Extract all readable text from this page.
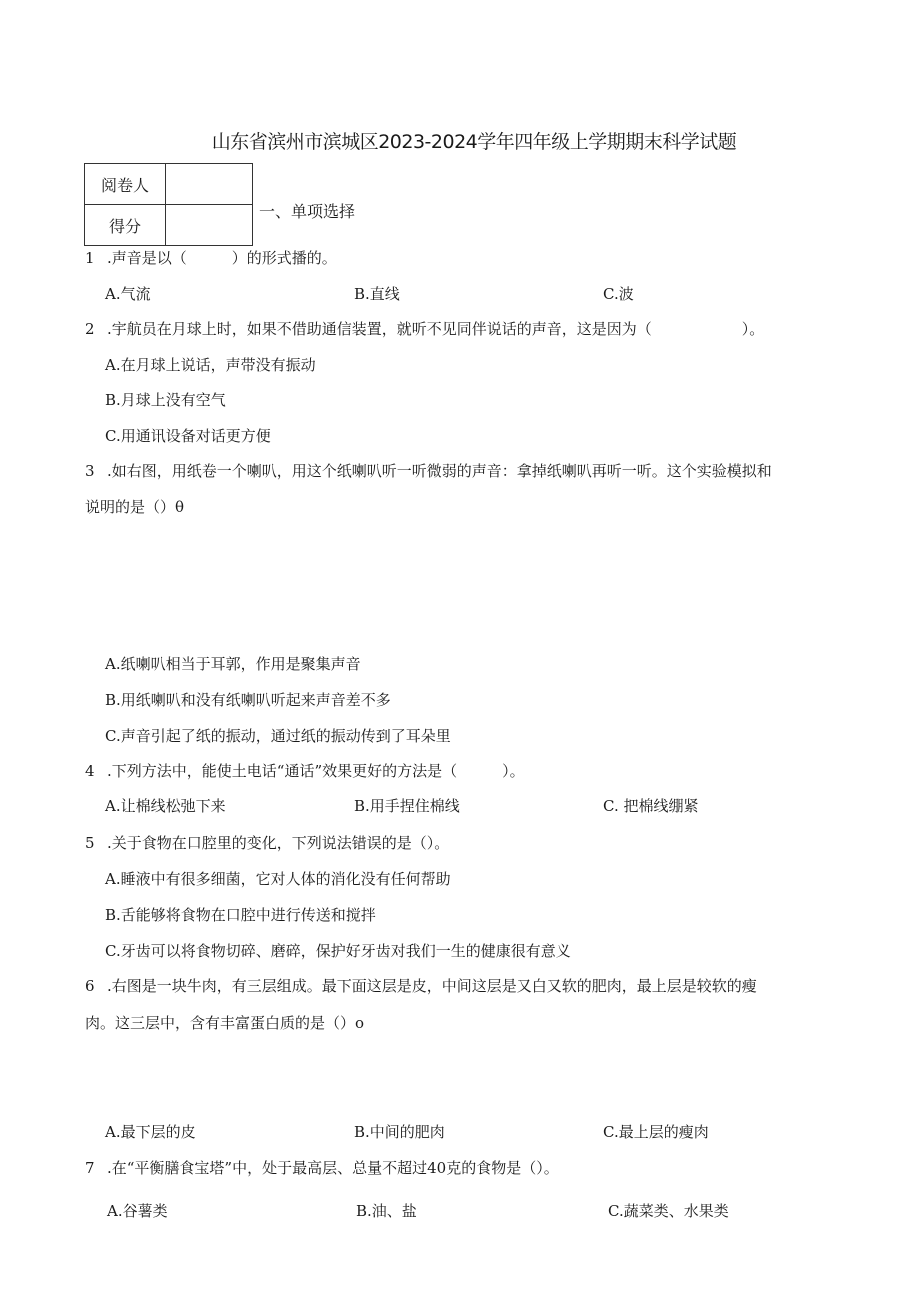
山东省滨州市滨城区2023-2024学年四年级上学期期末科学试题
阅卷人	
得分	
一、单项选择
1 .声音是以（　　　）的形式播的。
A.气流	B.直线	C.波
2 .宇航员在月球上时，如果不借助通信装置，就听不见同伴说话的声音，这是因为（　　　　　　）。
A.在月球上说话，声带没有振动
B.月球上没有空气
C.用通讯设备对话更方便
3 .如右图，用纸卷一个喇叭，用这个纸喇叭听一听微弱的声音：拿掉纸喇叭再听一听。这个实验模拟和
说明的是（）θ
A.纸喇叭相当于耳郭，作用是聚集声音
B.用纸喇叭和没有纸喇叭听起来声音差不多
C.声音引起了纸的振动，通过纸的振动传到了耳朵里
4 .下列方法中，能使土电话“通话”效果更好的方法是（　　　）。
A.让棉线松弛下来	B.用手捏住棉线	C. 把棉线绷紧
5 .关于食物在口腔里的变化，下列说法错误的是（）。
A.睡液中有很多细菌，它对人体的消化没有任何帮助
B.舌能够将食物在口腔中进行传送和搅拌
C.牙齿可以将食物切碎、磨碎，保护好牙齿对我们一生的健康很有意义
6 .右图是一块牛肉，有三层组成。最下面这层是皮，中间这层是又白又软的肥肉，最上层是较软的瘦
肉。这三层中，含有丰富蛋白质的是（）o
A.最下层的皮	B.中间的肥肉	C.最上层的瘦肉
7 .在“平衡膳食宝塔”中，处于最高层、总量不超过40克的食物是（）。
A.谷薯类	B.油、盐	C.蔬菜类、水果类
